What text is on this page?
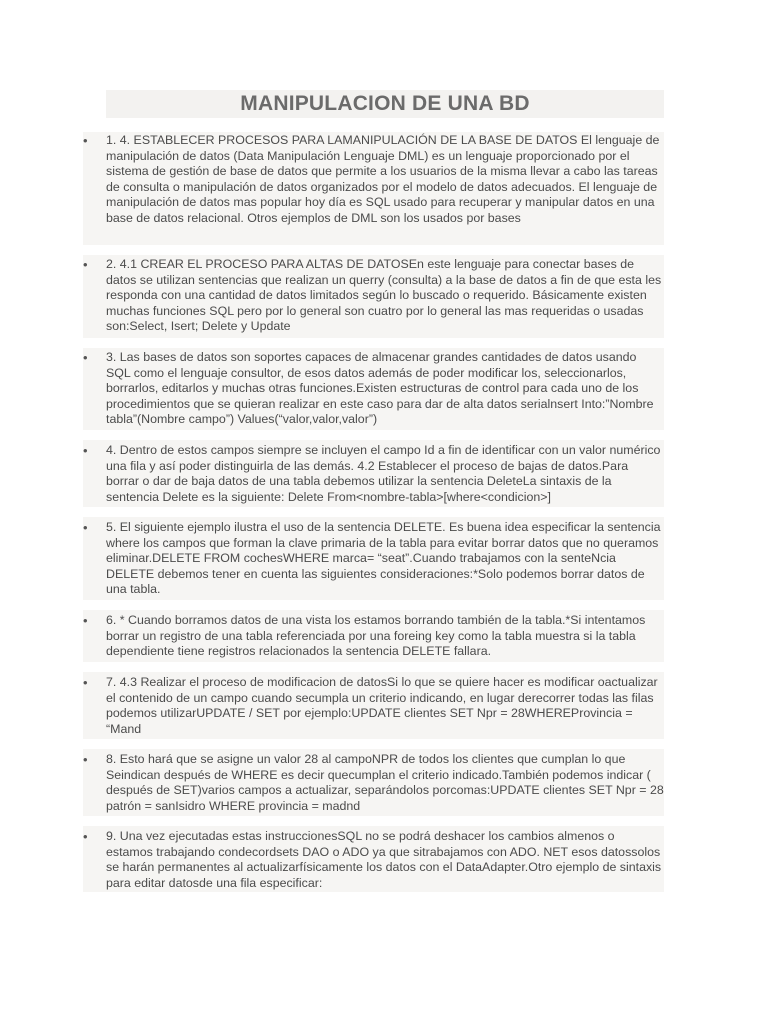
MANIPULACION DE UNA BD
•	1. 4. ESTABLECER PROCESOS PARA LAMANIPULACIÓN DE LA BASE DE DATOS El lenguaje de manipulación de datos (Data Manipulación Lenguaje DML) es un lenguaje proporcionado por el sistema de gestión de base de datos que permite a los usuarios de la misma llevar a cabo las tareas de consulta o manipulación de datos organizados por el modelo de datos adecuados. El lenguaje de manipulación de datos mas popular hoy día es SQL usado para recuperar y manipular datos en una base de datos relacional. Otros ejemplos de DML son los usados por bases
•	2. 4.1 CREAR EL PROCESO PARA ALTAS DE DATOSEn este lenguaje para conectar bases de datos se utilizan sentencias que realizan un querry (consulta) a la base de datos a fin de que esta les responda con una cantidad de datos limitados según lo buscado o requerido. Básicamente existen muchas funciones SQL pero por lo general son cuatro por lo general las mas requeridas o usadas son:Select, Isert; Delete y Update
•	3. Las bases de datos son soportes capaces de almacenar grandes cantidades de datos usando SQL como el lenguaje consultor, de esos datos además de poder modificar los, seleccionarlos, borrarlos, editarlos y muchas otras funciones.Existen estructuras de control para cada uno de los procedimientos que se quieran realizar en este caso para dar de alta datos serialnsert Into:”Nombre tabla”(Nombre campo”) Values(“valor,valor,valor”)
•	4. Dentro de estos campos siempre se incluyen el campo Id a fin de identificar con un valor numérico una fila y así poder distinguirla de las demás. 4.2 Establecer el proceso de bajas de datos.Para borrar o dar de baja datos de una tabla debemos utilizar la sentencia DeleteLa sintaxis de la sentencia Delete es la siguiente: Delete From<nombre-tabla>[where<condicion>]
•	5. El siguiente ejemplo ilustra el uso de la sentencia DELETE. Es buena idea especificar la sentencia where los campos que forman la clave primaria de la tabla para evitar borrar datos que no queramos eliminar.DELETE FROM cochesWHERE marca= “seat”.Cuando trabajamos con la senteNcia DELETE debemos tener en cuenta las siguientes consideraciones:*Solo podemos borrar datos de una tabla.
•	6. * Cuando borramos datos de una vista los estamos borrando también de la tabla.*Si intentamos borrar un registro de una tabla referenciada por una foreing key como la tabla muestra si la tabla dependiente tiene registros relacionados la sentencia DELETE fallara.
•	7. 4.3 Realizar el proceso de modificacion de datosSi lo que se quiere hacer es modificar oactualizar el contenido de un campo cuando secumpla un criterio indicando, en lugar derecorrer todas las filas podemos utilizarUPDATE / SET por ejemplo:UPDATE clientes SET Npr = 28WHEREProvincia = “Mand
•	8. Esto hará que se asigne un valor 28 al campoNPR de todos los clientes que cumplan lo que Seindican después de WHERE es decir quecumplan el criterio indicado.También podemos indicar ( después de SET)varios campos a actualizar, separándolos porcomas:UPDATE clientes SET Npr = 28 patrón = sanIsidro WHERE provincia = madnd
•	9. Una vez ejecutadas estas instruccionesSQL no se podrá deshacer los cambios almenos o estamos trabajando condecordsets DAO o ADO ya que sitrabajamos con ADO. NET esos datossolos se harán permanentes al actualizarfísicamente los datos con el DataAdapter.Otro ejemplo de sintaxis para editar datosde una fila especificar:
